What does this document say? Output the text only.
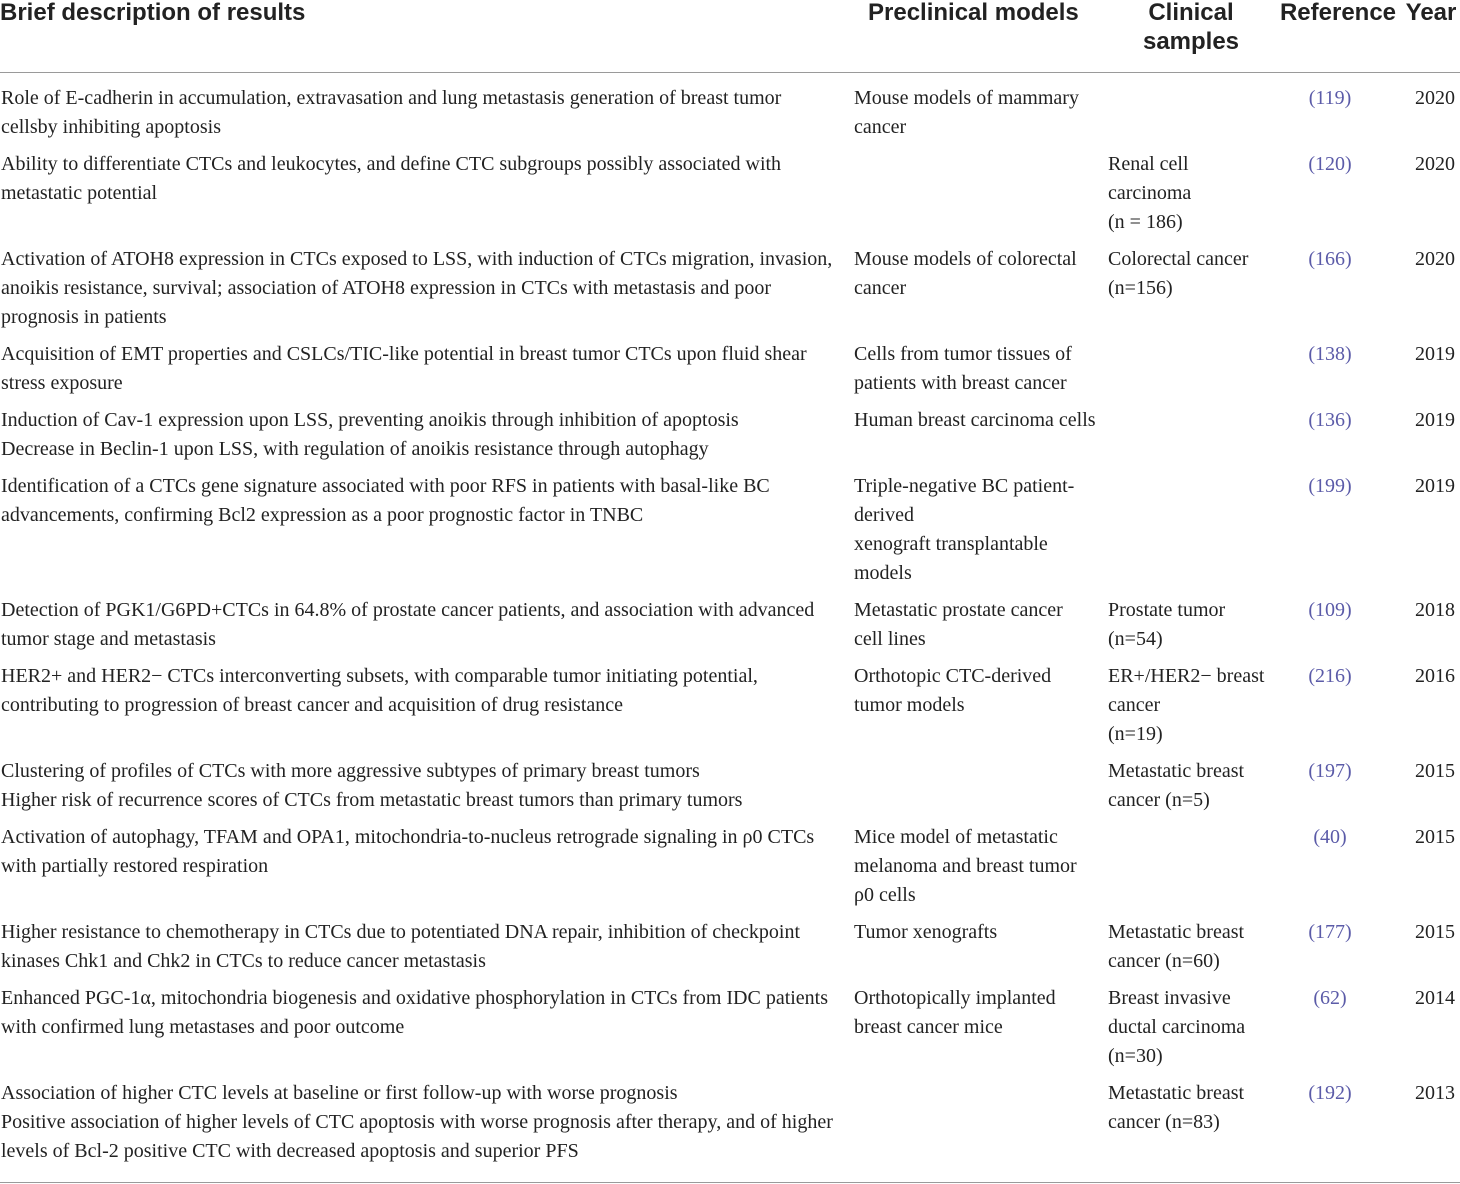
Brief description of results	Preclinical models	Clinical
samples	Reference	Year

Role of E-cadherin in accumulation, extravasation and lung metastasis generation of breast tumor cellsby inhibiting apoptosis	Mouse models of mammary cancer		(119)	2020

Ability to differentiate CTCs and leukocytes, and define CTC subgroups possibly associated with metastatic potential		Renal cell carcinoma
(n = 186)	(120)	2020

Activation of ATOH8 expression in CTCs exposed to LSS, with induction of CTCs migration, invasion, anoikis resistance, survival; association of ATOH8 expression in CTCs with metastasis and poor prognosis in patients	Mouse models of colorectal cancer	Colorectal cancer
(n=156)	(166)	2020

Acquisition of EMT properties and CSLCs/TIC-like potential in breast tumor CTCs upon fluid shear stress exposure	Cells from tumor tissues of patients with breast cancer		(138)	2019

Induction of Cav-1 expression upon LSS, preventing anoikis through inhibition of apoptosis
Decrease in Beclin-1 upon LSS, with regulation of anoikis resistance through autophagy	Human breast carcinoma cells		(136)	2019

Identification of a CTCs gene signature associated with poor RFS in patients with basal-like BC advancements, confirming Bcl2 expression as a poor prognostic factor in TNBC	Triple-negative BC patient-derived
xenograft transplantable models		(199)	2019

Detection of PGK1/G6PD+CTCs in 64.8% of prostate cancer patients, and association with advanced tumor stage and metastasis	Metastatic prostate cancer cell lines	Prostate tumor
(n=54)	(109)	2018

HER2+ and HER2− CTCs interconverting subsets, with comparable tumor initiating potential, contributing to progression of breast cancer and acquisition of drug resistance	Orthotopic CTC-derived tumor models	ER+/HER2− breast cancer
(n=19)	(216)	2016

Clustering of profiles of CTCs with more aggressive subtypes of primary breast tumors
Higher risk of recurrence scores of CTCs from metastatic breast tumors than primary tumors		Metastatic breast cancer (n=5)	(197)	2015

Activation of autophagy, TFAM and OPA1, mitochondria-to-nucleus retrograde signaling in ρ0 CTCs with partially restored respiration	Mice model of metastatic melanoma and breast tumor ρ0 cells		(40)	2015

Higher resistance to chemotherapy in CTCs due to potentiated DNA repair, inhibition of checkpoint kinases Chk1 and Chk2 in CTCs to reduce cancer metastasis	Tumor xenografts	Metastatic breast cancer (n=60)	(177)	2015

Enhanced PGC-1α, mitochondria biogenesis and oxidative phosphorylation in CTCs from IDC patients with confirmed lung metastases and poor outcome	Orthotopically implanted breast cancer mice	Breast invasive ductal carcinoma
(n=30)	(62)	2014

Association of higher CTC levels at baseline or first follow-up with worse prognosis
Positive association of higher levels of CTC apoptosis with worse prognosis after therapy, and of higher levels of Bcl-2 positive CTC with decreased apoptosis and superior PFS		Metastatic breast cancer (n=83)	(192)	2013
